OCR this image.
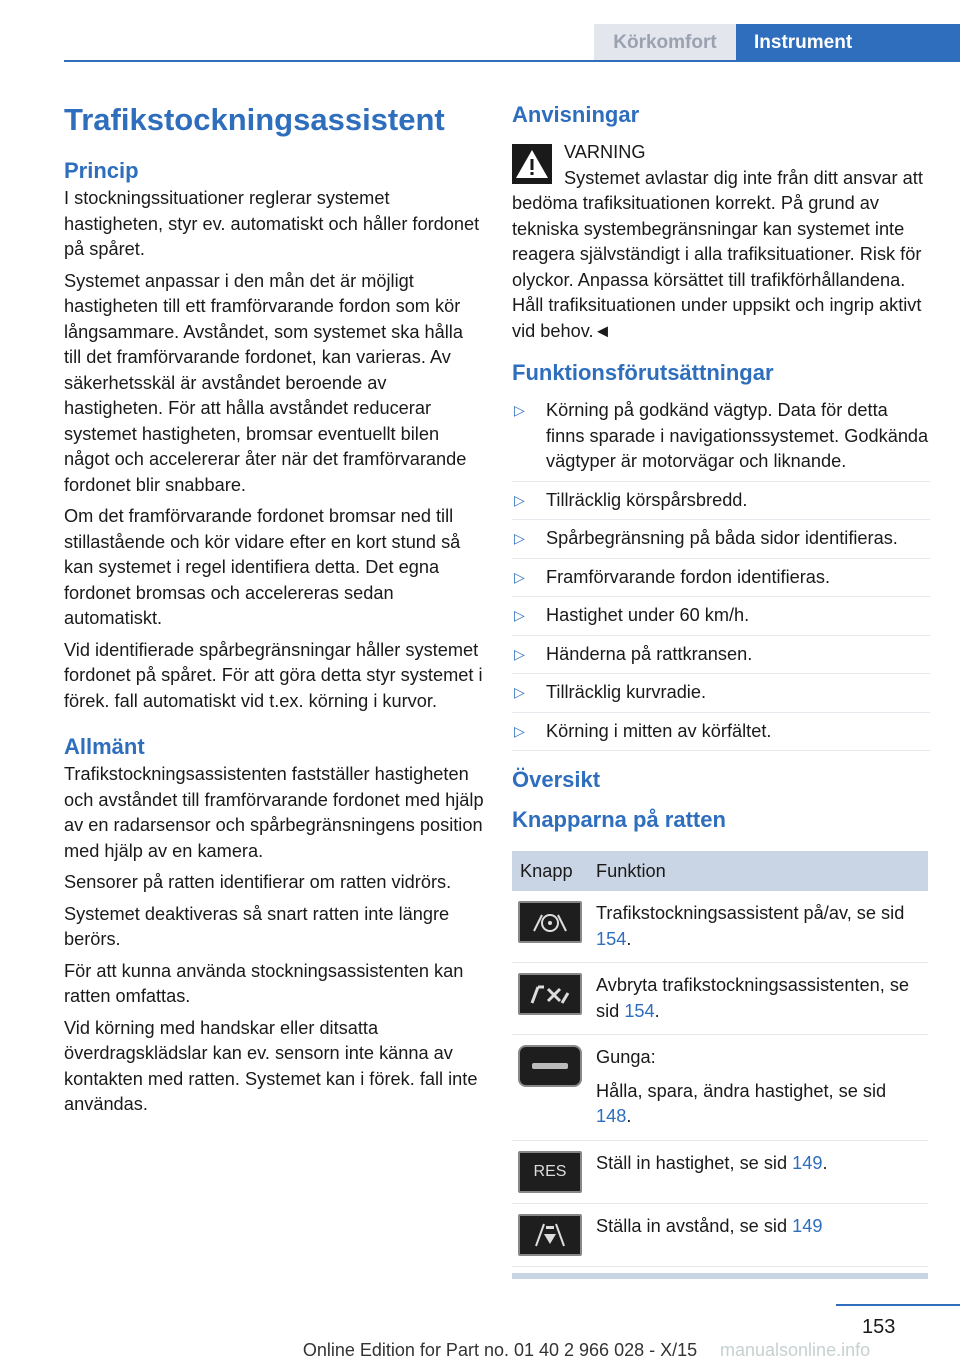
Körkomfort	Instrument
Trafikstockningsassistent
Princip

I stockningssituationer reglerar systemet hastigheten, styr ev. automatiskt och håller fordonet på spåret.

Systemet anpassar i den mån det är möjligt hastigheten till ett framförvarande fordon som kör långsammare. Avståndet, som systemet ska hålla till det framförvarande fordonet, kan varieras. Av säkerhetsskäl är avståndet beroende av hastigheten. För att hålla avståndet reducerar systemet hastigheten, bromsar eventuellt bilen något och accelererar åter när det framförvarande fordonet blir snabbare.

Om det framförvarande fordonet bromsar ned till stillastående och kör vidare efter en kort stund så kan systemet i regel identifiera detta. Det egna fordonet bromsas och accelereras sedan automatiskt.

Vid identifierade spårbegränsningar håller systemet fordonet på spåret. För att göra detta styr systemet i förek. fall automatiskt vid t.ex. körning i kurvor.

Allmänt

Trafikstockningsassistenten fastställer hastigheten och avståndet till framförvarande fordonet med hjälp av en radarsensor och spårbegränsningens position med hjälp av en kamera.

Sensorer på ratten identifierar om ratten vidrörs.

Systemet deaktiveras så snart ratten inte längre berörs.

För att kunna använda stockningsassistenten kan ratten omfattas.

Vid körning med handskar eller ditsatta överdragsklädslar kan ev. sensorn inte känna av kontakten med ratten. Systemet kan i förek. fall inte användas.

Anvisningar
VARNING
Systemet avlastar dig inte från ditt ansvar att bedöma trafiksituationen korrekt. På grund av tekniska systembegränsningar kan systemet inte reagera självständigt i alla trafiksituationer. Risk för olyckor. Anpassa körsättet till trafikförhållandena. Håll trafiksituationen under uppsikt och ingrip aktivt vid behov.◄
Funktionsförutsättningar
▷ Körning på godkänd vägtyp. Data för detta finns sparade i navigationssystemet. Godkända vägtyper är motorvägar och liknande.
▷ Tillräcklig körspårsbredd.
▷ Spårbegränsning på båda sidor identifieras.
▷ Framförvarande fordon identifieras.
▷ Hastighet under 60 km/h.
▷ Händerna på rattkransen.
▷ Tillräcklig kurvradie.
▷ Körning i mitten av körfältet.
Översikt
Knapparna på ratten
Knapp	Funktion

	Trafikstockningsassistent på/av, se sid 154.

	Avbryta trafikstockningsassistenten, se sid 154.

Gunga:
Hålla, spara, ändra hastighet, se sid 148.

RES	Ställ in hastighet, se sid 149.

	Ställa in avstånd, se sid 149
153
Online Edition for Part no. 01 40 2 966 028 - X/15	manualsonline.info
